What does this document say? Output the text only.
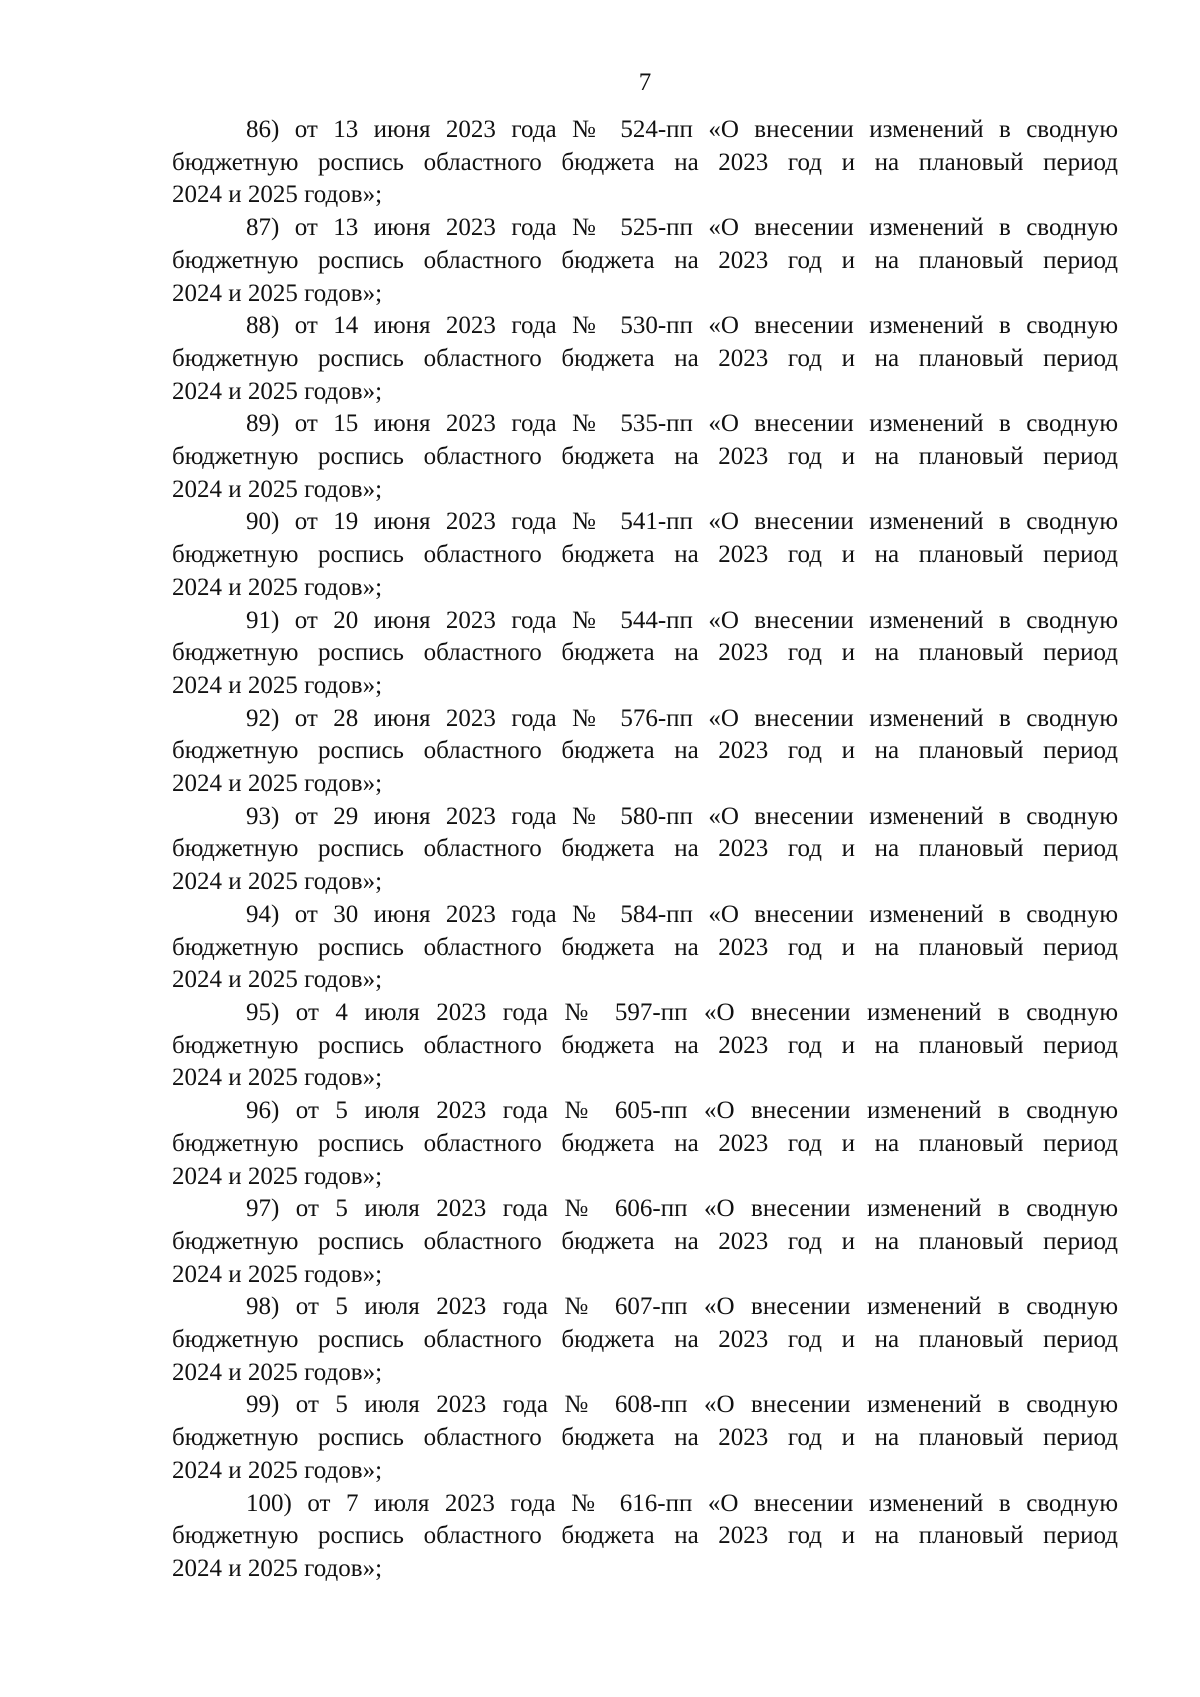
7
86) от 13 июня 2023 года № 524-пп «О внесении изменений в сводную
бюджетную роспись областного бюджета на 2023 год и на плановый период
2024 и 2025 годов»;
87) от 13 июня 2023 года № 525-пп «О внесении изменений в сводную
бюджетную роспись областного бюджета на 2023 год и на плановый период
2024 и 2025 годов»;
88) от 14 июня 2023 года № 530-пп «О внесении изменений в сводную
бюджетную роспись областного бюджета на 2023 год и на плановый период
2024 и 2025 годов»;
89) от 15 июня 2023 года № 535-пп «О внесении изменений в сводную
бюджетную роспись областного бюджета на 2023 год и на плановый период
2024 и 2025 годов»;
90) от 19 июня 2023 года № 541-пп «О внесении изменений в сводную
бюджетную роспись областного бюджета на 2023 год и на плановый период
2024 и 2025 годов»;
91) от 20 июня 2023 года № 544-пп «О внесении изменений в сводную
бюджетную роспись областного бюджета на 2023 год и на плановый период
2024 и 2025 годов»;
92) от 28 июня 2023 года № 576-пп «О внесении изменений в сводную
бюджетную роспись областного бюджета на 2023 год и на плановый период
2024 и 2025 годов»;
93) от 29 июня 2023 года № 580-пп «О внесении изменений в сводную
бюджетную роспись областного бюджета на 2023 год и на плановый период
2024 и 2025 годов»;
94) от 30 июня 2023 года № 584-пп «О внесении изменений в сводную
бюджетную роспись областного бюджета на 2023 год и на плановый период
2024 и 2025 годов»;
95) от 4 июля 2023 года № 597-пп «О внесении изменений в сводную
бюджетную роспись областного бюджета на 2023 год и на плановый период
2024 и 2025 годов»;
96) от 5 июля 2023 года № 605-пп «О внесении изменений в сводную
бюджетную роспись областного бюджета на 2023 год и на плановый период
2024 и 2025 годов»;
97) от 5 июля 2023 года № 606-пп «О внесении изменений в сводную
бюджетную роспись областного бюджета на 2023 год и на плановый период
2024 и 2025 годов»;
98) от 5 июля 2023 года № 607-пп «О внесении изменений в сводную
бюджетную роспись областного бюджета на 2023 год и на плановый период
2024 и 2025 годов»;
99) от 5 июля 2023 года № 608-пп «О внесении изменений в сводную
бюджетную роспись областного бюджета на 2023 год и на плановый период
2024 и 2025 годов»;
100) от 7 июля 2023 года № 616-пп «О внесении изменений в сводную
бюджетную роспись областного бюджета на 2023 год и на плановый период
2024 и 2025 годов»;
